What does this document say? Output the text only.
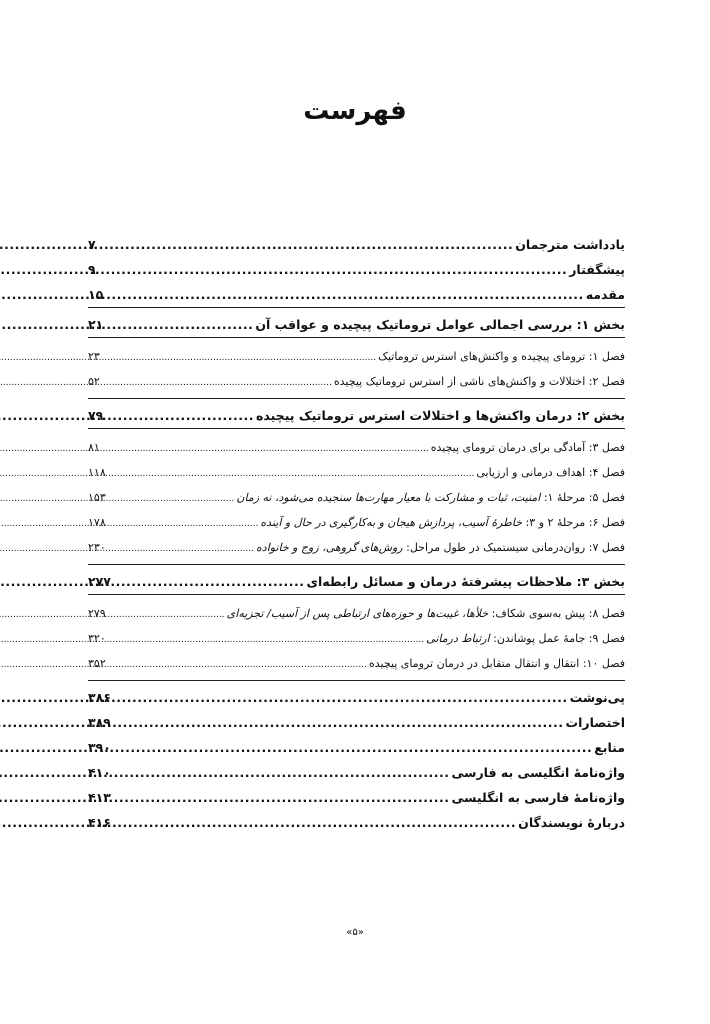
فهرست
یادداشت مترجمان
.....
۷
پیشگفتار
.....
۹
مقدمه
.....
۱۵
بخش ۱: بررسی اجمالی عوامل تروماتیک پیچیده و عواقب آن
.....
۲۱
فصل ۱: ترومای پیچیده و واکنش‌های استرس تروماتیک
.....
۲۳
فصل ۲: اختلالات و واکنش‌های ناشی از استرس تروماتیک پیچیده
.....
۵۲
بخش ۲: درمان واکنش‌ها و اختلالات استرس تروماتیک پیچیده
.....
۷۹
فصل ۳: آمادگی برای درمان ترومای پیچیده
.....
۸۱
فصل ۴: اهداف درمانی و ارزیابی
.....
۱۱۸
فصل ۵: مرحلهٔ ۱: امنیت، ثبات و مشارکت با معیار مهارت‌ها سنجیده می‌شود، نه زمان
.....
۱۵۳
فصل ۶: مرحلهٔ ۲ و ۳: خاطرهٔ آسیب، پردازش هیجان و به‌کارگیری در حال و آینده
.....
۱۷۸
فصل ۷: روان‌درمانی سیستمیک در طول مراحل: روش‌های گروهی، زوج و خانواده
.....
۲۳۰
بخش ۳: ملاحظات پیشرفتهٔ درمان و مسائل رابطه‌ای
.....
۲۷۷
فصل ۸: پیش به‌سوی شکاف: خلأها، غیبت‌ها و حوزه‌های ارتباطی پس از آسیب/ تجزیه‌ای
.....
۲۷۹
فصل ۹: جامهٔ عمل پوشاندن: ارتباط درمانی
.....
۳۲۰
فصل ۱۰: انتقال و انتقال متقابل در درمان ترومای پیچیده
.....
۳۵۲
پی‌نوشت
.....
۳۸۶
اختصارات
.....
۳۸۹
منابع
.....
۳۹۰
واژه‌نامهٔ انگلیسی به فارسی
.....
۴۱۰
واژه‌نامهٔ فارسی به انگلیسی
.....
۴۱۳
دربارهٔ نویسندگان
.....
۴۱۶
«۵»
